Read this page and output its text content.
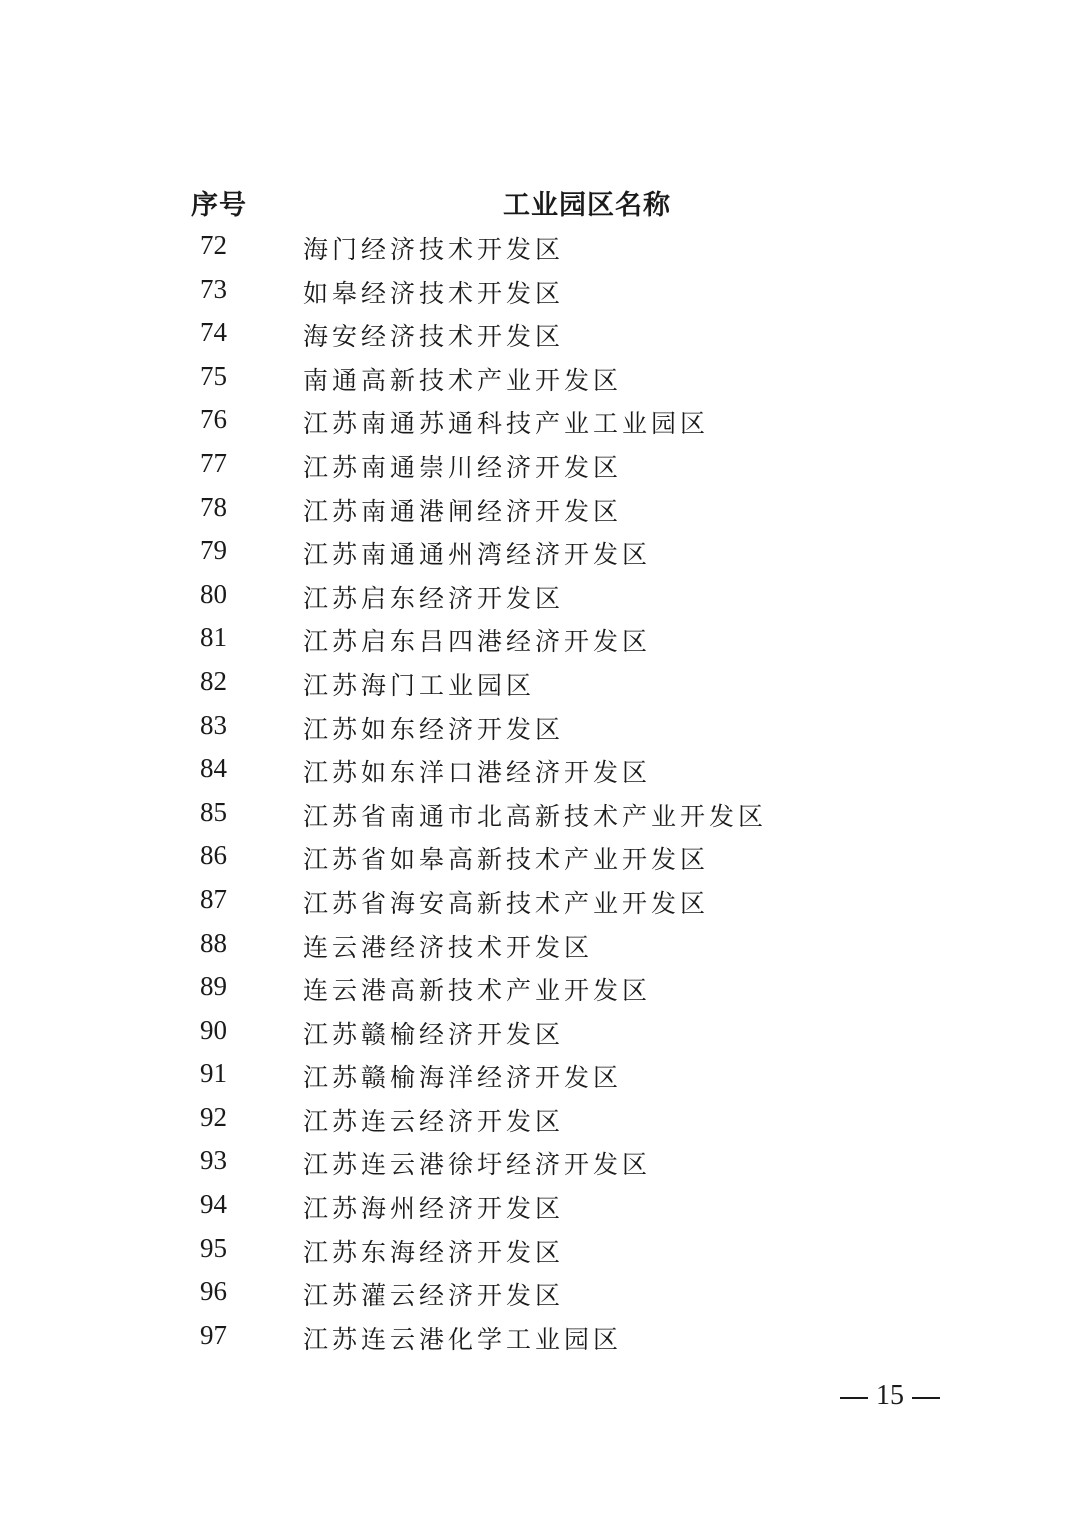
序号	工业园区名称
72	海门经济技术开发区
73	如皋经济技术开发区
74	海安经济技术开发区
75	南通高新技术产业开发区
76	江苏南通苏通科技产业工业园区
77	江苏南通崇川经济开发区
78	江苏南通港闸经济开发区
79	江苏南通通州湾经济开发区
80	江苏启东经济开发区
81	江苏启东吕四港经济开发区
82	江苏海门工业园区
83	江苏如东经济开发区
84	江苏如东洋口港经济开发区
85	江苏省南通市北高新技术产业开发区
86	江苏省如皋高新技术产业开发区
87	江苏省海安高新技术产业开发区
88	连云港经济技术开发区
89	连云港高新技术产业开发区
90	江苏赣榆经济开发区
91	江苏赣榆海洋经济开发区
92	江苏连云经济开发区
93	江苏连云港徐圩经济开发区
94	江苏海州经济开发区
95	江苏东海经济开发区
96	江苏灌云经济开发区
97	江苏连云港化学工业园区
15
